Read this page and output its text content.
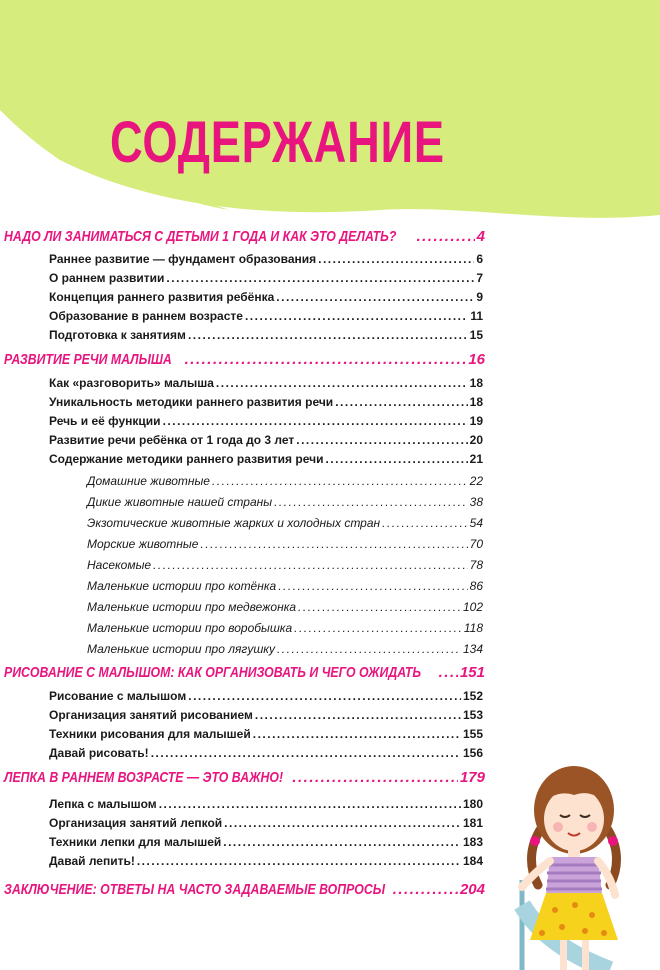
СОДЕРЖАНИЕ
НАДО ЛИ ЗАНИМАТЬСЯ С ДЕТЬМИ 1 ГОДА И КАК ЭТО ДЕЛАТЬ? .....	4
Раннее развитие — фундамент образования .....	6
О раннем развитии .....	7
Концепция раннего развития ребёнка .....	9
Образование в раннем возрасте .....	11
Подготовка к занятиям .....	15
РАЗВИТИЕ РЕЧИ МАЛЫША .....	16
Как «разговорить» малыша .....	18
Уникальность методики раннего развития речи .....	18
Речь и её функции .....	19
Развитие речи ребёнка от 1 года до 3 лет .....	20
Содержание методики раннего развития речи .....	21
Домашние животные .....	22
Дикие животные нашей страны .....	38
Экзотические животные жарких и холодных стран .....	54
Морские животные .....	70
Насекомые .....	78
Маленькие истории про котёнка .....	86
Маленькие истории про медвежонка .....	102
Маленькие истории про воробышка .....	118
Маленькие истории про лягушку .....	134
РИСОВАНИЕ С МАЛЫШОМ: КАК ОРГАНИЗОВАТЬ И ЧЕГО ОЖИДАТЬ .....	151
Рисование с малышом .....	152
Организация занятий рисованием .....	153
Техники рисования для малышей .....	155
Давай рисовать! .....	156
ЛЕПКА В РАННЕМ ВОЗРАСТЕ — ЭТО ВАЖНО! .....	179
Лепка с малышом .....	180
Организация занятий лепкой .....	181
Техники лепки для малышей .....	183
Давай лепить! .....	184
ЗАКЛЮЧЕНИЕ: ОТВЕТЫ НА ЧАСТО ЗАДАВАЕМЫЕ ВОПРОСЫ .....	204
